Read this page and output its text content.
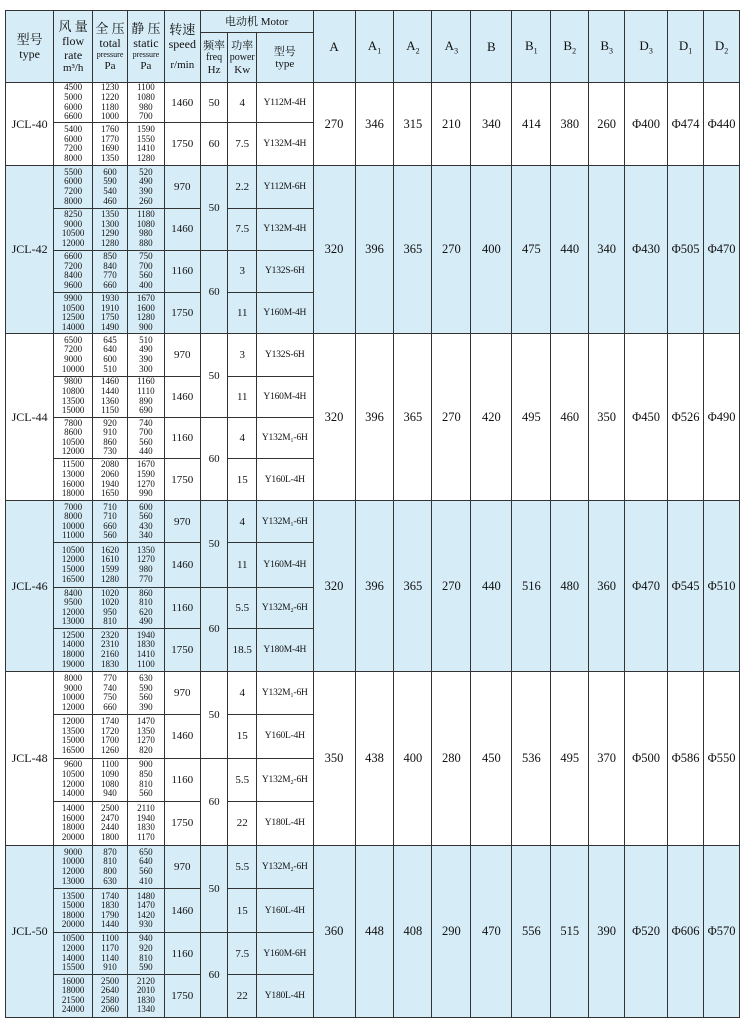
型号
type	风 量
flow
rate
m³/h	全 压
total
pressure
Pa	静 压
static
pressure
Pa	转速
speed
r/min	电动机 Motor			A	$A_1$	$A_2$	$A_3$	B	$B_1$	$B_2$	$B_3$	$D_3$	$D_1$	$D_2$

					频率
freq
Hz	功率
power
Kw	型号
type											

JCL-40	4500
5000
6000
6600	1230
1220
1180
1000	1100
1080
980
700	1460	50	4	Y112M-4H	270	346	315	210	340	414	380	260	Φ400	Φ474	Φ440

	5400
6000
7200
8000	1760
1770
1690
1350	1590
1550
1410
1280	1750	60	7.5	Y132M-4H											
JCL-42	5500
6000
7200
8000	600
590
540
460	520
490
390
260	970	50	2.2	Y112M-6H	320	396	365	270	400	475	440	340	Φ430	Φ505	Φ470

	8250
9000
10500
12000	1350
1300
1290
1280	1180
1080
980
880	1460		7.5	Y132M-4H											

	6600
7200
8400
9600	850
840
770
660	750
700
560
400	1160	60	3	Y132S-6H											

	9900
10500
12500
14000	1930
1910
1750
1490	1670
1600
1280
900	1750		11	Y160M-4H											
JCL-44	6500
7200
9000
10000	645
640
600
510	510
490
390
300	970	50	3	Y132S-6H	320	396	365	270	420	495	460	350	Φ450	Φ526	Φ490

	9800
10800
13500
15000	1460
1440
1360
1150	1160
1110
890
690	1460		11	Y160M-4H											

	7800
8600
10500
12000	920
910
860
730	740
700
560
440	1160	60	4	Y132M₁-6H											

	11500
13000
16000
18000	2080
2060
1940
1650	1670
1590
1270
990	1750		15	Y160L-4H											
JCL-46	7000
8000
10000
11000	710
710
660
560	600
560
430
340	970	50	4	Y132M₁-6H	320	396	365	270	440	516	480	360	Φ470	Φ545	Φ510

	10500
12000
15000
16500	1620
1610
1599
1280	1350
1270
980
770	1460		11	Y160M-4H											

	8400
9500
12000
13000	1020
1020
950
810	860
810
620
490	1160	60	5.5	Y132M₂-6H											

	12500
14000
18000
19000	2320
2310
2160
1830	1940
1830
1410
1100	1750		18.5	Y180M-4H											
JCL-48	8000
9000
10000
12000	770
740
750
660	630
590
560
390	970	50	4	Y132M₁-6H	350	438	400	280	450	536	495	370	Φ500	Φ586	Φ550

	12000
13500
15000
16500	1740
1720
1700
1260	1470
1350
1270
820	1460		15	Y160L-4H											

	9600
10500
12000
14000	1100
1090
1080
940	900
850
810
560	1160	60	5.5	Y132M₂-6H											

	14000
16000
18000
20000	2500
2470
2440
1800	2110
1940
1830
1170	1750		22	Y180L-4H											
JCL-50	9000
10000
12000
13000	870
810
800
630	650
640
560
410	970	50	5.5	Y132M₂-6H	360	448	408	290	470	556	515	390	Φ520	Φ606	Φ570

	13500
15000
18000
20000	1740
1830
1790
1440	1480
1470
1420
930	1460		15	Y160L-4H											

	10500
12000
14000
15500	1100
1170
1140
910	940
920
810
590	1160	60	7.5	Y160M-6H											

	16000
18000
21500
24000	2500
2640
2580
2060	2120
2010
1830
1340	1750		22	Y180L-4H											
